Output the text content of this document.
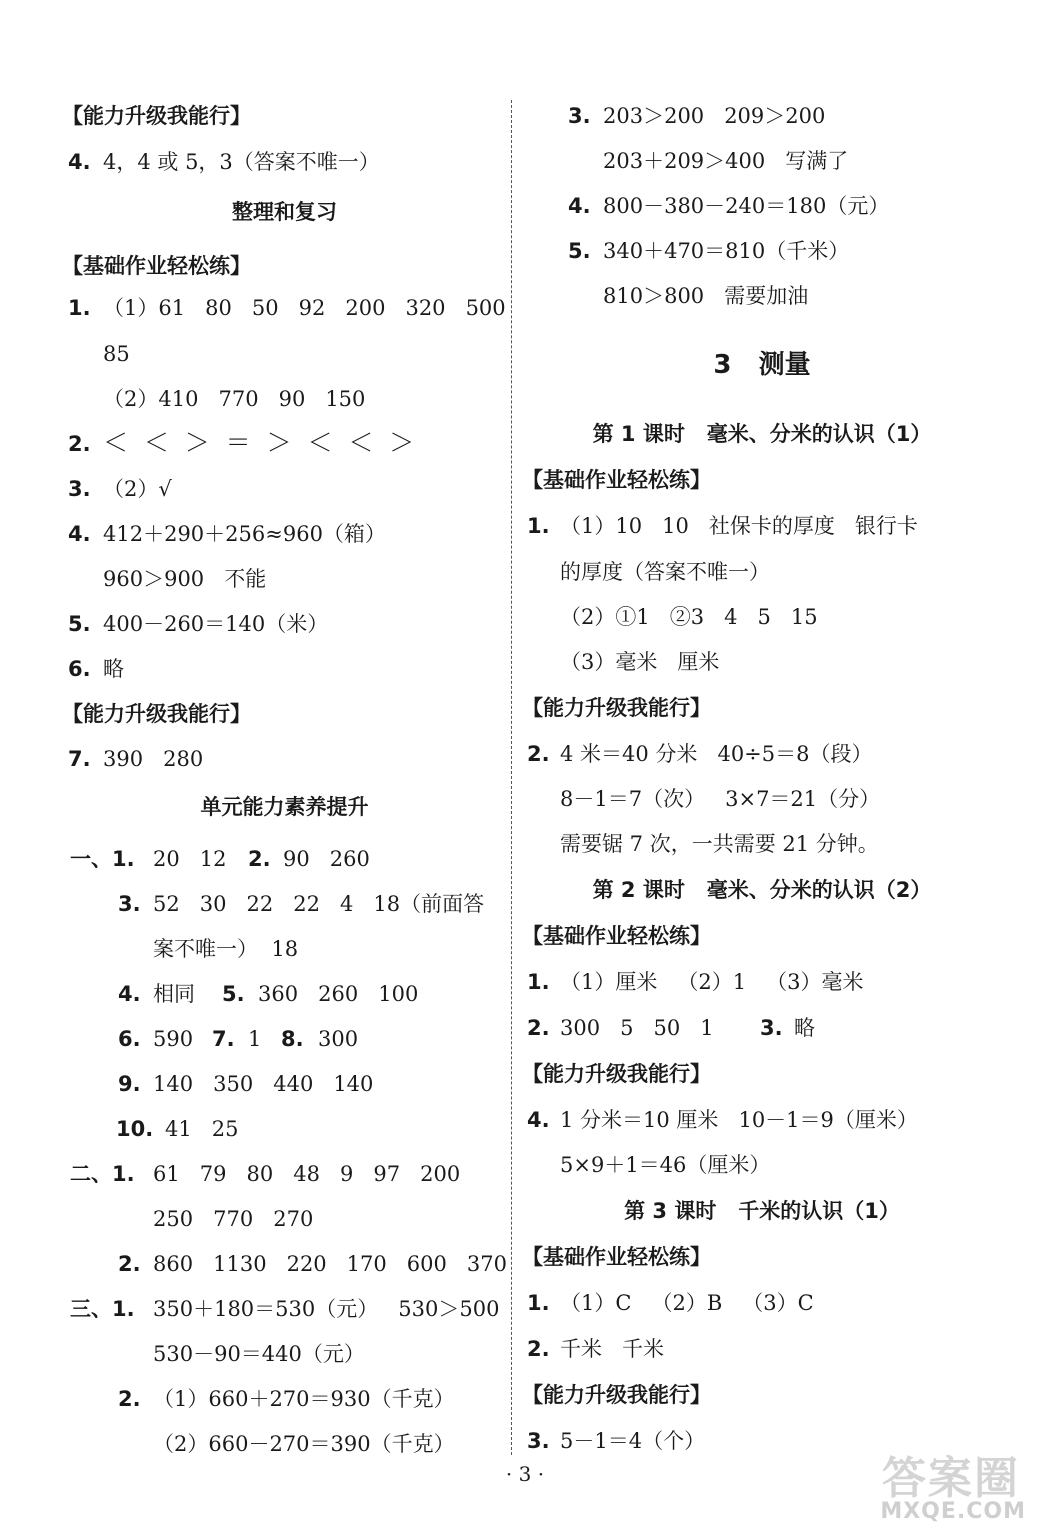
【能力升级我能行】
4. 4，4 或 5，3（答案不唯一）
整理和复习
【基础作业轻松练】
1. （1）61   80   50   92   200   320   500
85
（2）410   770   90   150
2. ＜  ＜  ＞  ＝  ＞  ＜  ＜  ＞
3. （2）√
4. 412＋290＋256≈960（箱）
960＞900   不能
5. 400－260＝140（米）
6. 略
【能力升级我能行】
7. 390   280
单元能力素养提升
一、1. 20   12 2. 90   260
3. 52   30   22   22   4   18（前面答
案不唯一）  18
4. 相同 5. 360   260   100
6. 590 7. 1 8. 300
9. 140   350   440   140
10. 41   25
二、1. 61   79   80   48   9   97   200
250   770   270
2. 860   1130   220   170   600   370
三、1. 350＋180＝530（元）   530＞500
530－90＝440（元）
2. （1）660＋270＝930（千克）
（2）660－270＝390（千克）
3. 203＞200   209＞200
203＋209＞400   写满了
4. 800－380－240＝180（元）
5. 340＋470＝810（千米）
810＞800   需要加油
3   测量
第 1 课时   毫米、分米的认识（1）
【基础作业轻松练】
1. （1）10   10   社保卡的厚度   银行卡
的厚度（答案不唯一）
（2）①1   ②3   4   5   15
（3）毫米   厘米
【能力升级我能行】
2. 4 米＝40 分米   40÷5＝8（段）
8－1＝7（次）   3×7＝21（分）
需要锯 7 次，一共需要 21 分钟。
第 2 课时   毫米、分米的认识（2）
【基础作业轻松练】
1. （1）厘米   （2）1   （3）毫米
2. 300   5   50   1 3. 略
【能力升级我能行】
4. 1 分米＝10 厘米   10－1＝9（厘米）
5×9＋1＝46（厘米）
第 3 课时   千米的认识（1）
【基础作业轻松练】
1. （1）C   （2）B   （3）C
2. 千米   千米
【能力升级我能行】
3. 5－1＝4（个）
· 3 ·	答案圈
MXQE.COM
